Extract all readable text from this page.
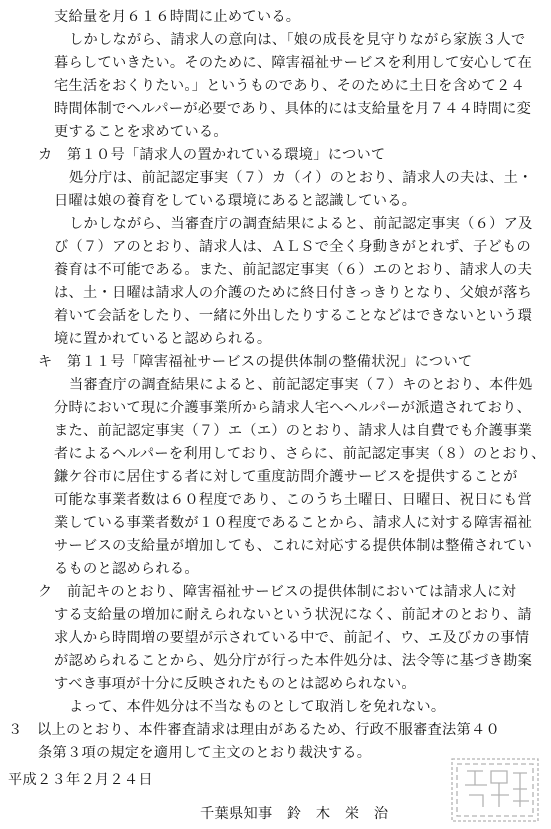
支給量を月６１６時間に止めている。
しかしながら、請求人の意向は、「娘の成長を見守りながら家族３人で
暮らしていきたい。そのために、障害福祉サービスを利用して安心して在
宅生活をおくりたい。」というものであり、そのために土日を含めて２４
時間体制でヘルパーが必要であり、具体的には支給量を月７４４時間に変
更することを求めている。
カ　第１０号「請求人の置かれている環境」について
処分庁は、前記認定事実（７）カ（イ）のとおり、請求人の夫は、土・
日曜は娘の養育をしている環境にあると認識している。
しかしながら、当審査庁の調査結果によると、前記認定事実（６）ア及
び（７）アのとおり、請求人は、ＡＬＳで全く身動きがとれず、子どもの
養育は不可能である。また、前記認定事実（６）エのとおり、請求人の夫
は、土・日曜は請求人の介護のために終日付きっきりとなり、父娘が落ち
着いて会話をしたり、一緒に外出したりすることなどはできないという環
境に置かれていると認められる。
キ　第１１号「障害福祉サービスの提供体制の整備状況」について
当審査庁の調査結果によると、前記認定事実（７）キのとおり、本件処
分時において現に介護事業所から請求人宅へヘルパーが派遣されており、
また、前記認定事実（７）エ（エ）のとおり、請求人は自費でも介護事業
者によるヘルパーを利用しており、さらに、前記認定事実（８）のとおり、
鎌ケ谷市に居住する者に対して重度訪問介護サービスを提供することが
可能な事業者数は６０程度であり、このうち土曜日、日曜日、祝日にも営
業している事業者数が１０程度であることから、請求人に対する障害福祉
サービスの支給量が増加しても、これに対応する提供体制は整備されてい
るものと認められる。
ク　前記キのとおり、障害福祉サービスの提供体制においては請求人に対
する支給量の増加に耐えられないという状況になく、前記オのとおり、請
求人から時間増の要望が示されている中で、前記イ、ウ、エ及びカの事情
が認められることから、処分庁が行った本件処分は、法令等に基づき勘案
すべき事項が十分に反映されたものとは認められない。
よって、本件処分は不当なものとして取消しを免れない。
３　以上のとおり、本件審査請求は理由があるため、行政不服審査法第４０
条第３項の規定を適用して主文のとおり裁決する。
平成２３年２月２４日
千葉県知事　鈴　木　栄　治
